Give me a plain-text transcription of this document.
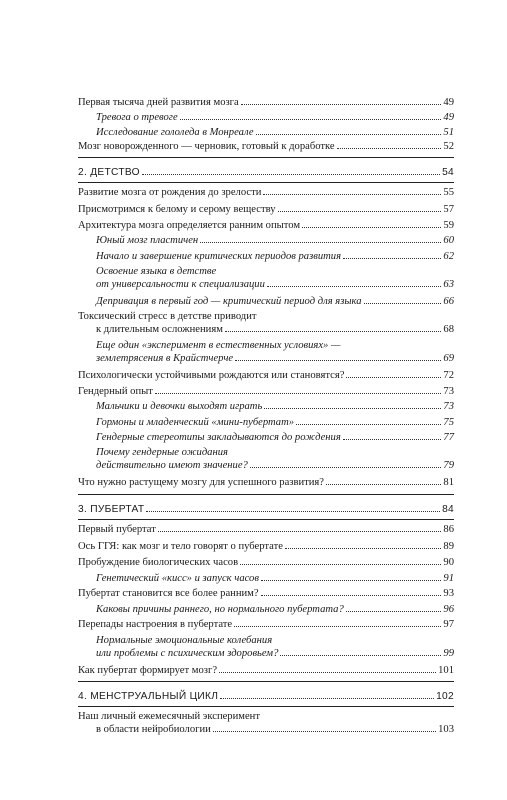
Первая тысяча дней развития мозга	49
Тревога о тревоге	49
Исследование гололеда в Монреале	51
Мозг новорожденного — черновик, готовый к доработке	52
2. ДЕТСТВО	54
Развитие мозга от рождения до зрелости	55
Присмотримся к белому и серому веществу	57
Архитектура мозга определяется ранним опытом	59
Юный мозг пластичен	60
Начало и завершение критических периодов развития	62
Освоение языка в детстве
от универсальности к специализации	63
Депривация в первый год — критический период для языка	66
Токсический стресс в детстве приводит
к длительным осложнениям	68
Еще один «эксперимент в естественных условиях» —
землетрясения в Крайстчерче	69
Психологически устойчивыми рождаются или становятся?	72
Гендерный опыт	73
Мальчики и девочки выходят играть	73
Гормоны и младенческий «мини-пубертат»	75
Гендерные стереотипы закладываются до рождения	77
Почему гендерные ожидания
действительно имеют значение?	79
Что нужно растущему мозгу для успешного развития?	81
3. ПУБЕРТАТ	84
Первый пубертат	86
Ось ГГЯ: как мозг и тело говорят о пубертате	89
Пробуждение биологических часов	90
Генетический «кисс» и запуск часов	91
Пубертат становится все более ранним?	93
Каковы причины раннего, но нормального пубертата?	96
Перепады настроения в пубертате	97
Нормальные эмоциональные колебания
или проблемы с психическим здоровьем?	99
Как пубертат формирует мозг?	101
4. МЕНСТРУАЛЬНЫЙ ЦИКЛ	102
Наш личный ежемесячный эксперимент
в области нейробиологии	103
